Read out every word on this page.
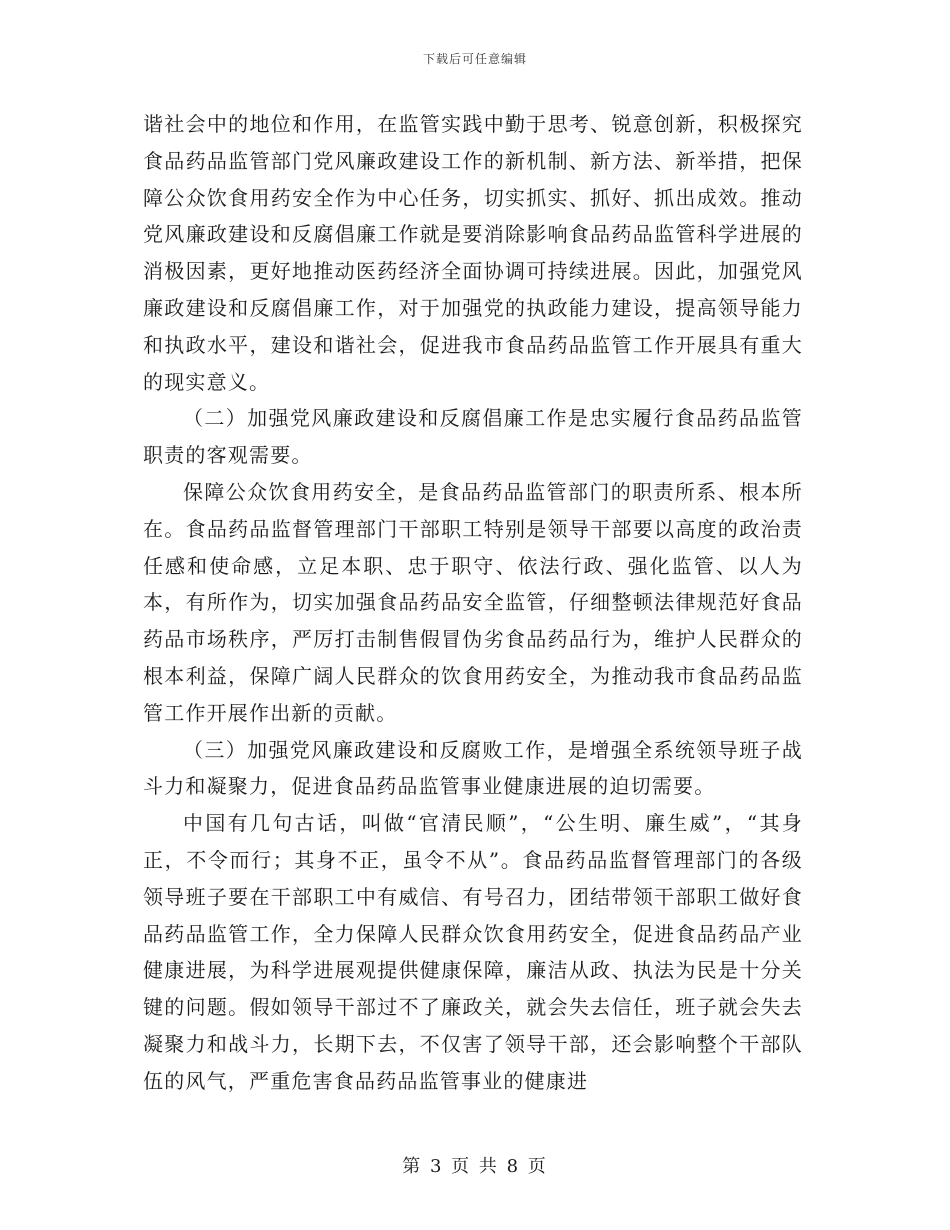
下载后可任意编辑

谐社会中的地位和作用，在监管实践中勤于思考、锐意创新，积极探究食品药品监管部门党风廉政建设工作的新机制、新方法、新举措，把保障公众饮食用药安全作为中心任务，切实抓实、抓好、抓出成效。推动党风廉政建设和反腐倡廉工作就是要消除影响食品药品监管科学进展的消极因素，更好地推动医药经济全面协调可持续进展。因此，加强党风廉政建设和反腐倡廉工作，对于加强党的执政能力建设，提高领导能力和执政水平，建设和谐社会，促进我市食品药品监管工作开展具有重大的现实意义。

（二）加强党风廉政建设和反腐倡廉工作是忠实履行食品药品监管职责的客观需要。

保障公众饮食用药安全，是食品药品监管部门的职责所系、根本所在。食品药品监督管理部门干部职工特别是领导干部要以高度的政治责任感和使命感，立足本职、忠于职守、依法行政、强化监管、以人为本，有所作为，切实加强食品药品安全监管，仔细整顿法律规范好食品药品市场秩序，严厉打击制售假冒伪劣食品药品行为，维护人民群众的根本利益，保障广阔人民群众的饮食用药安全，为推动我市食品药品监管工作开展作出新的贡献。

（三）加强党风廉政建设和反腐败工作，是增强全系统领导班子战斗力和凝聚力，促进食品药品监管事业健康进展的迫切需要。

中国有几句古话，叫做“官清民顺”，“公生明、廉生威”，“其身正，不令而行；其身不正，虽令不从”。食品药品监督管理部门的各级领导班子要在干部职工中有威信、有号召力，团结带领干部职工做好食品药品监管工作，全力保障人民群众饮食用药安全，促进食品药品产业健康进展，为科学进展观提供健康保障，廉洁从政、执法为民是十分关键的问题。假如领导干部过不了廉政关，就会失去信任，班子就会失去凝聚力和战斗力，长期下去，不仅害了领导干部，还会影响整个干部队伍的风气，严重危害食品药品监管事业的健康进

第 3 页 共 8 页
